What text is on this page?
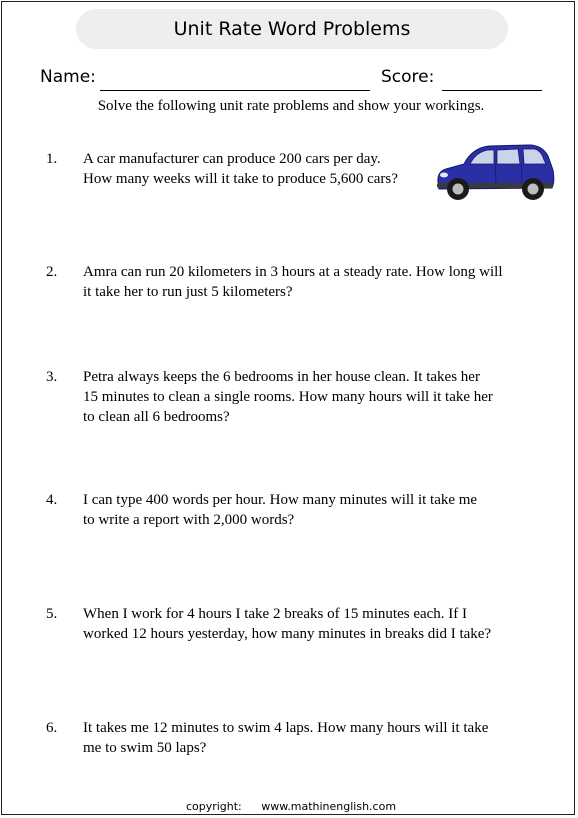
Unit Rate Word Problems
Name:	Score:
Solve the following unit rate problems and show your workings.
1. A car manufacturer can produce 200 cars per day.
How many weeks will it take to produce 5,600 cars?
2. Amra can run 20 kilometers in 3 hours at a steady rate. How long will
it take her to run just 5 kilometers?
3. Petra always keeps the 6 bedrooms in her house clean. It takes her
15 minutes to clean a single rooms. How many hours will it take her
to clean all 6 bedrooms?
4. I can type 400 words per hour. How many minutes will it take me
to write a report with 2,000 words?
5. When I work for 4 hours I take 2 breaks of 15 minutes each. If I
worked 12 hours yesterday, how many minutes in breaks did I take?
6. It takes me 12 minutes to swim 4 laps. How many hours will it take
me to swim 50 laps?
copyright: www.mathinenglish.com
